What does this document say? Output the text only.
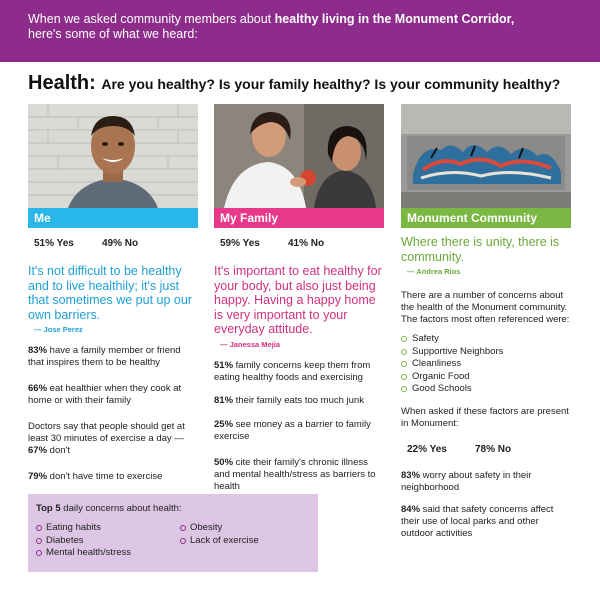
When we asked community members about healthy living in the Monument Corridor,
here's some of what we heard:
Health: Are you healthy? Is your family healthy? Is your community healthy?
Me
51% Yes	49% No
It's not difficult to be healthy and to live healthily; it's just that sometimes we put up our own barriers.
— Jose Perez
83% have a family member or friend that inspires them to be healthy
66% eat healthier when they cook at home or with their family
Doctors say that people should get at least 30 minutes of exercise a day — 67% don't
79% don't have time to exercise
My Family
59% Yes	41% No
It's important to eat healthy for your body, but also just being happy. Having a happy home is very important to your everyday attitude.
— Janessa Mejia
51% family concerns keep them from eating healthy foods and exercising
81% their family eats too much junk
25% see money as a barrier to family exercise
50% cite their family's chronic illness and mental health/stress as barriers to health
Monument Community
Where there is unity, there is community.
— Andrea Rios
There are a number of concerns about the health of the Monument community. The factors most often referenced were:
Safety
Supportive Neighbors
Cleanliness
Organic Food
Good Schools
When asked if these factors are present in Monument:
22% Yes	78% No
83% worry about safety in their neighborhood
84% said that safety concerns affect their use of local parks and other outdoor activities
Top 5 daily concerns about health:
Eating habits
Diabetes
Mental health/stress
Obesity
Lack of exercise
